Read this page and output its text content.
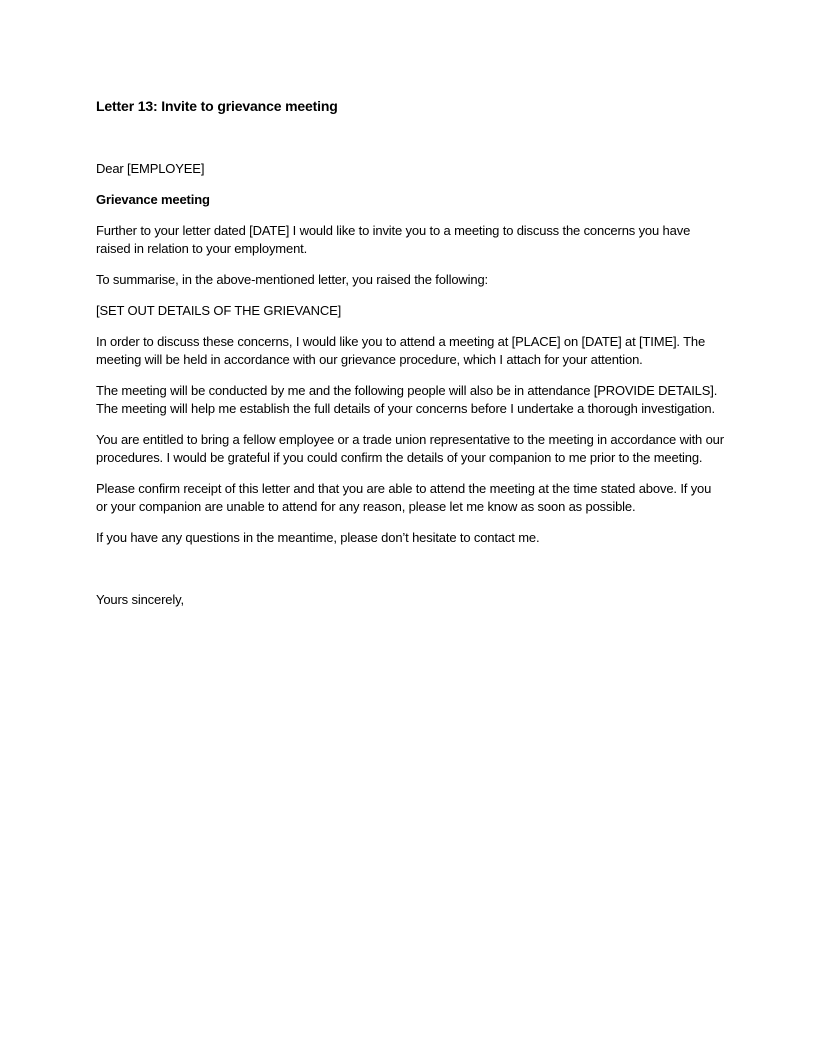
Letter 13: Invite to grievance meeting
Dear [EMPLOYEE]
Grievance meeting

Further to your letter dated [DATE] I would like to invite you to a meeting to discuss the concerns you have raised in relation to your employment.

To summarise, in the above-mentioned letter, you raised the following:

[SET OUT DETAILS OF THE GRIEVANCE]

In order to discuss these concerns, I would like you to attend a meeting at [PLACE] on [DATE] at [TIME]. The meeting will be held in accordance with our grievance procedure, which I attach for your attention.

The meeting will be conducted by me and the following people will also be in attendance [PROVIDE DETAILS]. The meeting will help me establish the full details of your concerns before I undertake a thorough investigation.

You are entitled to bring a fellow employee or a trade union representative to the meeting in accordance with our procedures. I would be grateful if you could confirm the details of your companion to me prior to the meeting.

Please confirm receipt of this letter and that you are able to attend the meeting at the time stated above. If you or your companion are unable to attend for any reason, please let me know as soon as possible.

If you have any questions in the meantime, please don’t hesitate to contact me.

Yours sincerely,
